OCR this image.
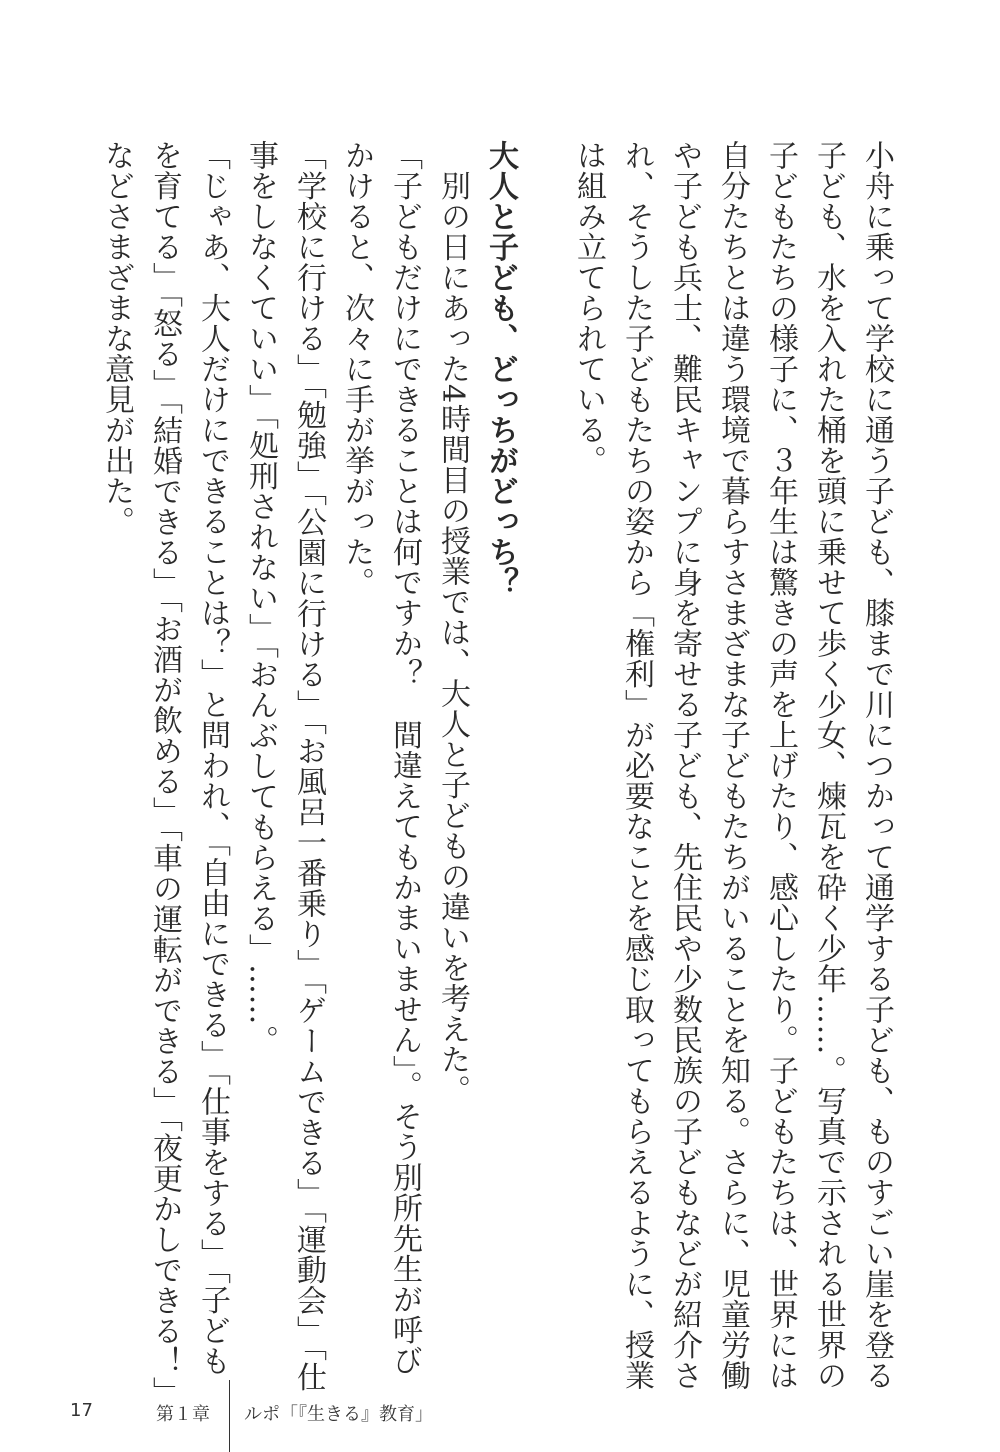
小舟に乗って学校に通う子ども、膝まで川につかって通学する子ども、ものすごい崖を登る
子ども、水を入れた桶を頭に乗せて歩く少女、煉瓦を砕く少年……。写真で示される世界の
子どもたちの様子に、３年生は驚きの声を上げたり、感心したり。子どもたちは、世界には
自分たちとは違う環境で暮らすさまざまな子どもたちがいることを知る。さらに、児童労働
や子ども兵士、難民キャンプに身を寄せる子ども、先住民や少数民族の子どもなどが紹介さ
れ、そうした子どもたちの姿から「権利」が必要なことを感じ取ってもらえるように、授業
は組み立てられている。
大人と子ども、どっちがどっち？
　別の日にあった4時間目の授業では、大人と子どもの違いを考えた。
「子どもだけにできることは何ですか？　間違えてもかまいません」。そう別所先生が呼び
かけると、次々に手が挙がった。
「学校に行ける」「勉強」「公園に行ける」「お風呂一番乗り」「ゲームできる」「運動会」「仕
事をしなくていい」「処刑されない」「おんぶしてもらえる」……。
「じゃあ、大人だけにできることは？」と問われ、「自由にできる」「仕事をする」「子ども
を育てる」「怒る」「結婚できる」「お酒が飲める」「車の運転ができる」「夜更かしできる！」
などさまざまな意見が出た。
17	第１章 ルポ「『生きる』教育」
